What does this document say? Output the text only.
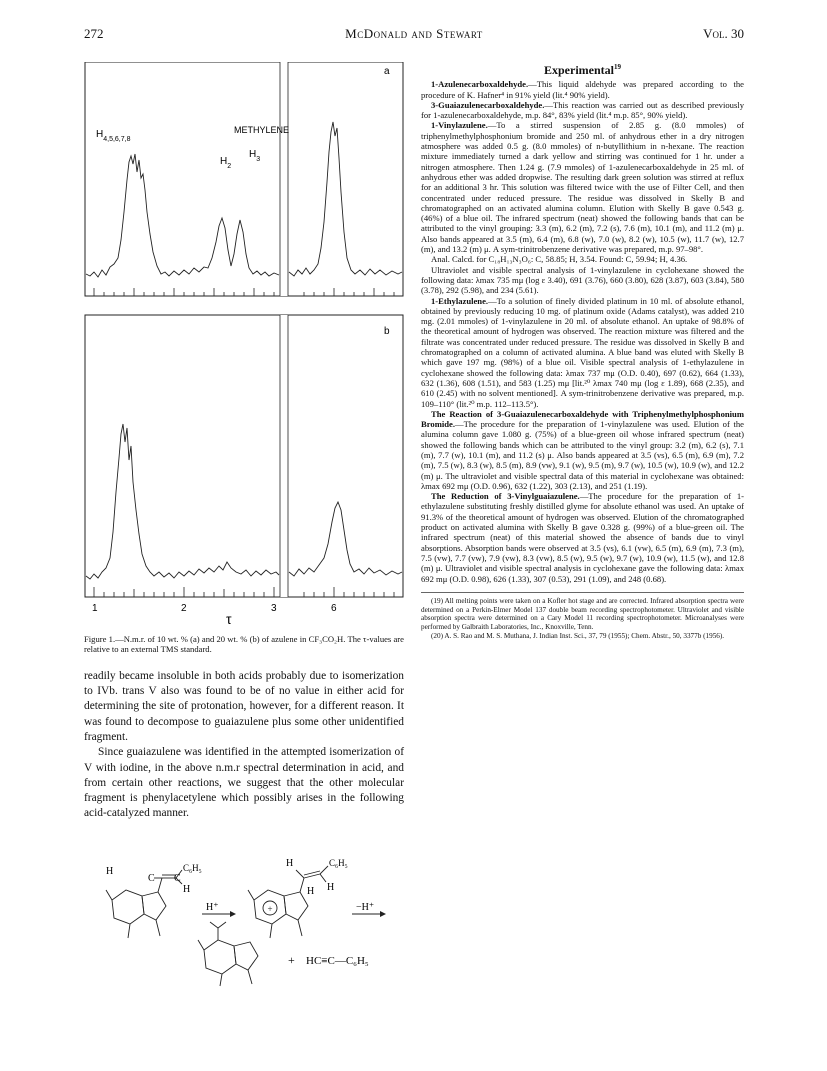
272	McDonald and Stewart	Vol. 30
a
METHYLENE
$H_{4,5,6,7,8}$
$H_2$
$H_3$
b
1	2	3	6
τ
Figure 1.—N.m.r. of 10 wt. % (a) and 20 wt. % (b) of azulene in CF₃CO₂H. The τ-values are relative to an external TMS standard.

readily became insoluble in both acids probably due to isomerization to IVb. trans V also was found to be of no value in either acid for determining the site of protonation, however, for a different reason. It was found to decompose to guaiazulene plus some other unidentified fragment.

Since guaiazulene was identified in the attempted isomerization of V with iodine, in the above n.m.r spectral determination in acid, and from certain other reactions, we suggest that the other molecular fragment is phenylacetylene which possibly arises in the following acid-catalyzed manner.

H
C C
C₆H₅
H
H⁺	+
H	C₆H₅
H
H
−H⁺
+ HC≡C—C₆H₅
Experimental$^{19}$

1-Azulenecarboxaldehyde.—This liquid aldehyde was prepared according to the procedure of K. Hafner⁴ in 91% yield (lit.⁴ 90% yield).

3-Guaiazulenecarboxaldehyde.—This reaction was carried out as described previously for 1-azulenecarboxaldehyde, m.p. 84°, 83% yield (lit.⁴ m.p. 85°, 90% yield).

1-Vinylazulene.—To a stirred suspension of 2.85 g. (8.0 mmoles) of triphenylmethylphosphonium bromide and 250 ml. of anhydrous ether in a dry nitrogen atmosphere was added 0.5 g. (8.0 mmoles) of n-butyllithium in n-hexane. The reaction mixture immediately turned a dark yellow and stirring was continued for 1 hr. under a nitrogen atmosphere. Then 1.24 g. (7.9 mmoles) of 1-azulenecarboxaldehyde in 25 ml. of anhydrous ether was added dropwise. The resulting dark green solution was stirred at reflux for an additional 3 hr. This solution was filtered twice with the use of Filter Cell, and then concentrated under reduced pressure. The residue was dissolved in Skelly B and chromatographed on an activated alumina column. Elution with Skelly B gave 0.543 g. (46%) of a blue oil. The infrared spectrum (neat) showed the following bands that can be attributed to the vinyl grouping: 3.3 (m), 6.2 (m), 7.2 (s), 7.6 (m), 10.1 (m), and 11.2 (m) μ. Also bands appeared at 3.5 (m), 6.4 (m), 6.8 (w), 7.0 (w), 8.2 (w), 10.5 (w), 11.7 (w), 12.7 (m), and 13.2 (m) μ. A sym-trinitrobenzene derivative was prepared, m.p. 97–98°.

Anal. Calcd. for C₁₈H₁₃N₃O₆: C, 58.85; H, 3.54. Found: C, 59.94; H, 4.36.

Ultraviolet and visible spectral analysis of 1-vinylazulene in cyclohexane showed the following data: λmax 735 mμ (log ε 3.40), 691 (3.76), 660 (3.80), 628 (3.87), 603 (3.84), 580 (3.78), 292 (5.98), and 234 (5.61).

1-Ethylazulene.—To a solution of finely divided platinum in 10 ml. of absolute ethanol, obtained by previously reducing 10 mg. of platinum oxide (Adams catalyst), was added 210 mg. (2.01 mmoles) of 1-vinylazulene in 20 ml. of absolute ethanol. An uptake of 98.8% of the theoretical amount of hydrogen was observed. The reaction mixture was filtered and the filtrate was concentrated under reduced pressure. The residue was dissolved in Skelly B and chromatographed on a column of activated alumina. A blue band was eluted with Skelly B which gave 197 mg. (98%) of a blue oil. Visible spectral analysis of 1-ethylazulene in cyclohexane showed the following data: λmax 737 mμ (O.D. 0.40), 697 (0.62), 664 (1.33), 632 (1.36), 608 (1.51), and 583 (1.25) mμ [lit.²⁰ λmax 740 mμ (log ε 1.89), 668 (2.35), and 610 (2.45) with no solvent mentioned]. A sym-trinitrobenzene derivative was prepared, m.p. 109–110° (lit.²⁰ m.p. 112–113.5°).

The Reaction of 3-Guaiazulenecarboxaldehyde with Triphenylmethylphosphonium Bromide.—The procedure for the preparation of 1-vinylazulene was used. Elution of the alumina column gave 1.080 g. (75%) of a blue-green oil whose infrared spectrum (neat) showed the following bands which can be attributed to the vinyl group: 3.2 (m), 6.2 (s), 7.1 (m), 7.7 (w), 10.1 (m), and 11.2 (s) μ. Also bands appeared at 3.5 (vs), 6.5 (m), 6.9 (m), 7.2 (m), 7.5 (w), 8.3 (w), 8.5 (m), 8.9 (vw), 9.1 (w), 9.5 (m), 9.7 (w), 10.5 (w), 10.9 (w), and 12.2 (m) μ. The ultraviolet and visible spectral data of this material in cyclohexane was obtained: λmax 692 mμ (O.D. 0.96), 632 (1.22), 303 (2.13), and 251 (1.19).

The Reduction of 3-Vinylguaiazulene.—The procedure for the preparation of 1-ethylazulene substituting freshly distilled glyme for absolute ethanol was used. An uptake of 91.3% of the theoretical amount of hydrogen was observed. Elution of the chromatographed product on activated alumina with Skelly B gave 0.328 g. (99%) of a blue-green oil. The infrared spectrum (neat) of this material showed the absence of bands due to vinyl absorptions. Absorption bands were observed at 3.5 (vs), 6.1 (vw), 6.5 (m), 6.9 (m), 7.3 (m), 7.5 (vw), 7.7 (vw), 7.9 (vw), 8.3 (vw), 8.5 (w), 9.5 (w), 9.7 (w), 10.9 (w), 11.5 (w), and 12.8 (m) μ. Ultraviolet and visible spectral analysis in cyclohexane gave the following data: λmax 692 mμ (O.D. 0.98), 626 (1.33), 307 (0.53), 291 (1.09), and 248 (0.68).

(19) All melting points were taken on a Kofler hot stage and are corrected. Infrared absorption spectra were determined on a Perkin-Elmer Model 137 double beam recording spectrophotometer. Ultraviolet and visible absorption spectra were determined on a Cary Model 11 recording spectrophotometer. Microanalyses were performed by Galbraith Laboratories, Inc., Knoxville, Tenn.

(20) A. S. Rao and M. S. Muthana, J. Indian Inst. Sci., 37, 79 (1955); Chem. Abstr., 50, 3377b (1956).
